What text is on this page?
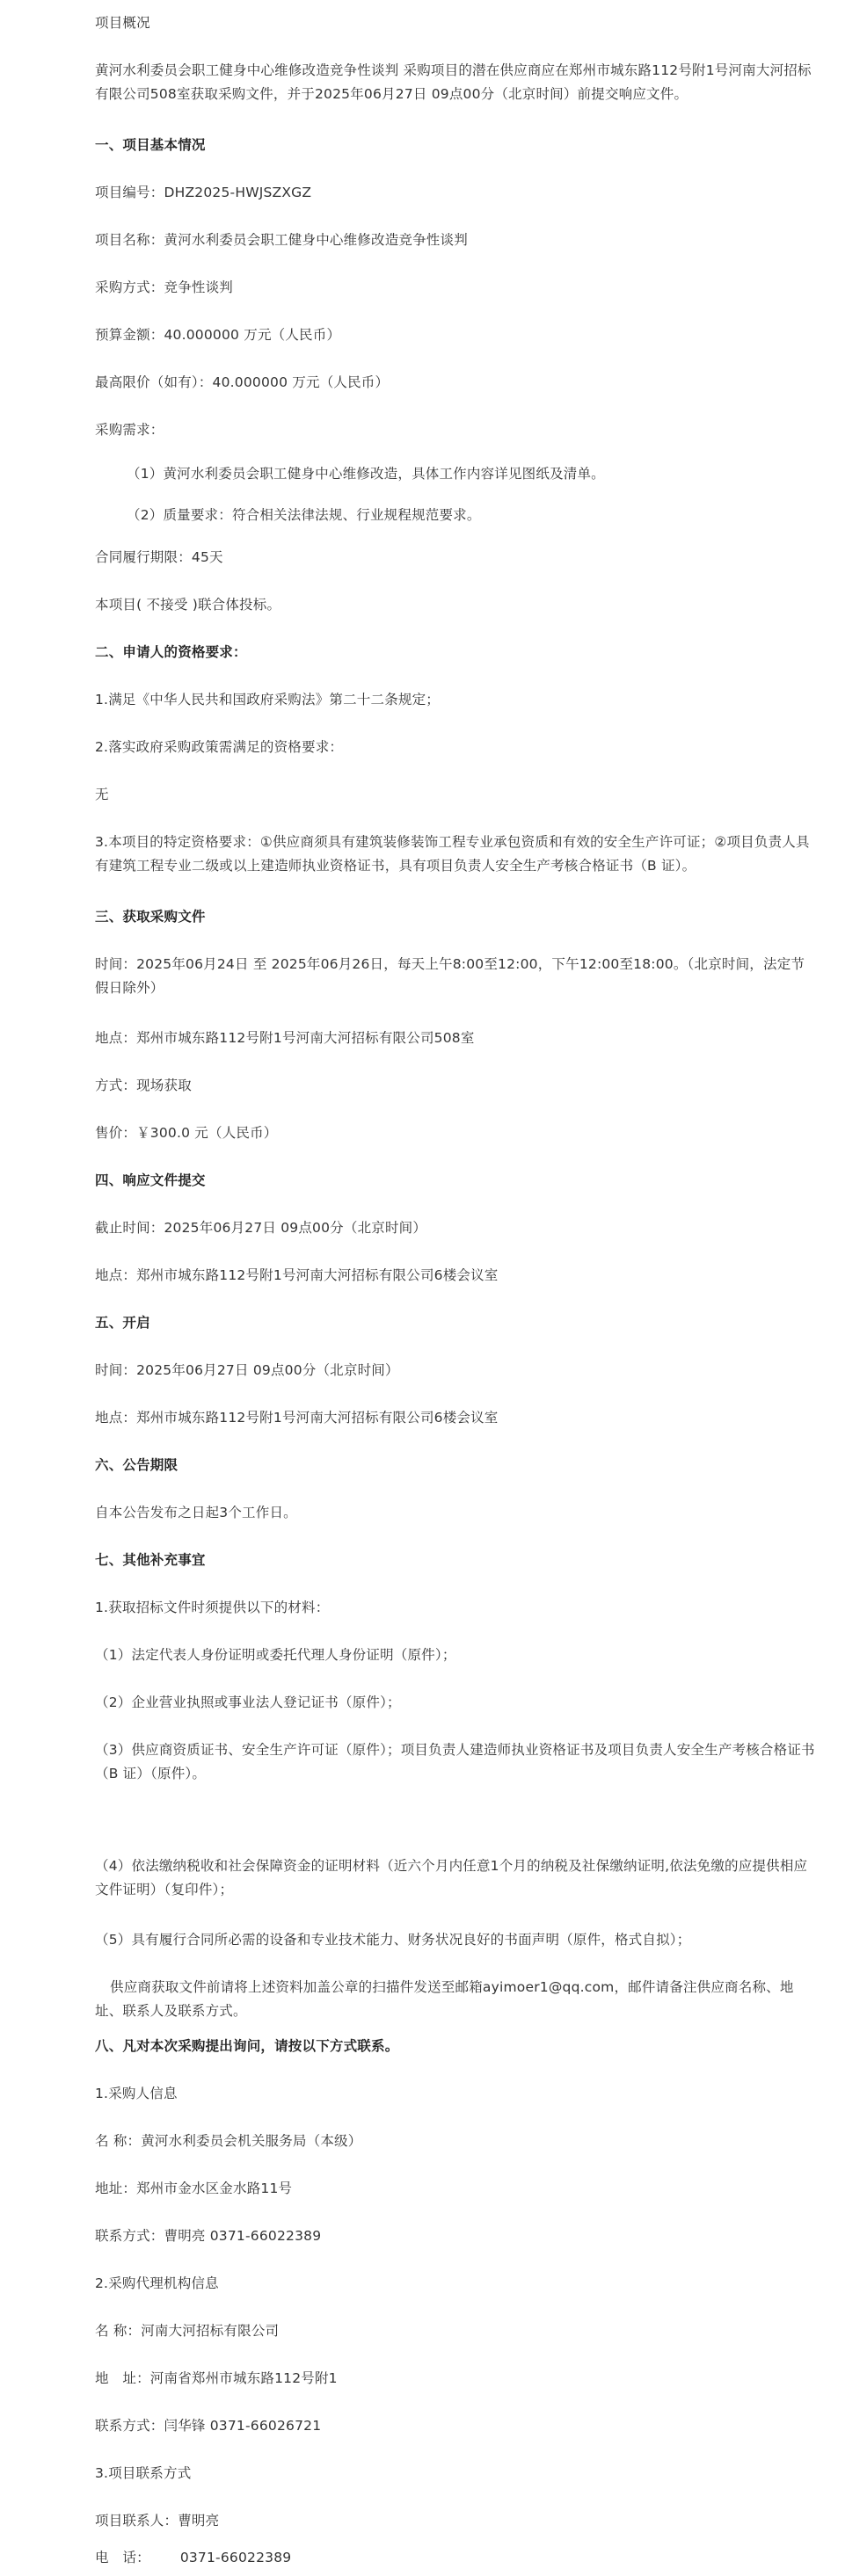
项目概况
黄河水利委员会职工健身中心维修改造竞争性谈判 采购项目的潜在供应商应在郑州市城东路112号附1号河南大河招标有限公司508室获取采购文件，并于2025年06月27日 09点00分（北京时间）前提交响应文件。
一、项目基本情况
项目编号：DHZ2025-HWJSZXGZ
项目名称：黄河水利委员会职工健身中心维修改造竞争性谈判
采购方式：竞争性谈判
预算金额：40.000000 万元（人民币）
最高限价（如有）：40.000000 万元（人民币）
采购需求：
（1）黄河水利委员会职工健身中心维修改造，具体工作内容详见图纸及清单。
（2）质量要求：符合相关法律法规、行业规程规范要求。
合同履行期限：45天
本项目( 不接受 )联合体投标。
二、申请人的资格要求：
1.满足《中华人民共和国政府采购法》第二十二条规定；
2.落实政府采购政策需满足的资格要求：
无
3.本项目的特定资格要求：①供应商须具有建筑装修装饰工程专业承包资质和有效的安全生产许可证；②项目负责人具有建筑工程专业二级或以上建造师执业资格证书，具有项目负责人安全生产考核合格证书（B 证）。
三、获取采购文件
时间：2025年06月24日 至 2025年06月26日，每天上午8:00至12:00，下午12:00至18:00。（北京时间，法定节假日除外）
地点：郑州市城东路112号附1号河南大河招标有限公司508室
方式：现场获取
售价：￥300.0 元（人民币）
四、响应文件提交
截止时间：2025年06月27日 09点00分（北京时间）
地点：郑州市城东路112号附1号河南大河招标有限公司6楼会议室
五、开启
时间：2025年06月27日 09点00分（北京时间）
地点：郑州市城东路112号附1号河南大河招标有限公司6楼会议室
六、公告期限
自本公告发布之日起3个工作日。
七、其他补充事宜
1.获取招标文件时须提供以下的材料：
（1）法定代表人身份证明或委托代理人身份证明（原件）；
（2）企业营业执照或事业法人登记证书（原件）；
（3）供应商资质证书、安全生产许可证（原件）；项目负责人建造师执业资格证书及项目负责人安全生产考核合格证书（B 证）（原件）。
（4）依法缴纳税收和社会保障资金的证明材料（近六个月内任意1个月的纳税及社保缴纳证明,依法免缴的应提供相应文件证明）（复印件）；
（5）具有履行合同所必需的设备和专业技术能力、财务状况良好的书面声明（原件，格式自拟）；
供应商获取文件前请将上述资料加盖公章的扫描件发送至邮箱ayimoer1@qq.com，邮件请备注供应商名称、地址、联系人及联系方式。
八、凡对本次采购提出询问，请按以下方式联系。
1.采购人信息
名 称：黄河水利委员会机关服务局（本级）
地址：郑州市金水区金水路11号
联系方式：曹明亮 0371-66022389
2.采购代理机构信息
名 称：河南大河招标有限公司
地　址：河南省郑州市城东路112号附1
联系方式：闫华锋 0371-66026721
3.项目联系方式
项目联系人：曹明亮
电　话： 0371-66022389
